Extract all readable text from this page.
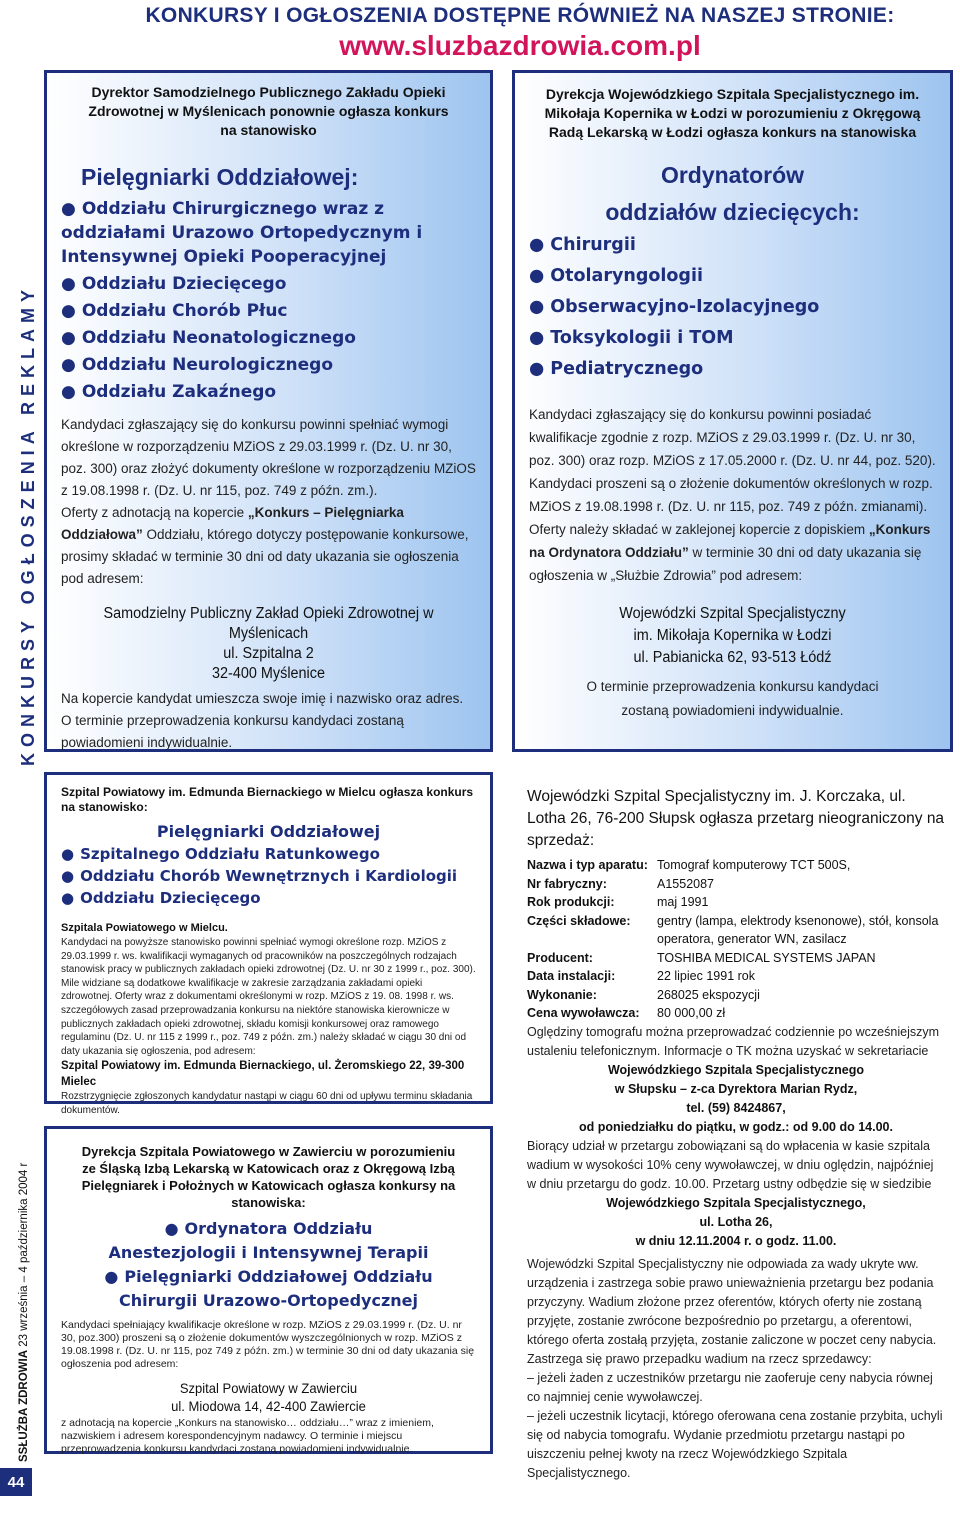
KONKURSY I OGŁOSZENIA DOSTĘPNE RÓWNIEŻ NA NASZEJ STRONIE:
www.sluzbazdrowia.com.pl
KONKURSY OGŁOSZENIA REKLAMY
SSŁUŻBA ZDROWIA 23 września – 4 października 2004 r
44
Dyrektor Samodzielnego Publicznego Zakładu Opieki Zdrowotnej w Myślenicach ponownie ogłasza konkurs na stanowisko
Pielęgniarki Oddziałowej:
● Oddziału Chirurgicznego wraz z oddziałami Urazowo Ortopedycznym i Intensywnej Opieki Pooperacyjnej
● Oddziału Dziecięcego
● Oddziału Chorób Płuc
● Oddziału Neonatologicznego
● Oddziału Neurologicznego
● Oddziału Zakaźnego
Kandydaci zgłaszający się do konkursu powinni spełniać wymogi określone w rozporządzeniu MZiOS z 29.03.1999 r. (Dz. U. nr 30, poz. 300) oraz złożyć dokumenty określone w rozporządzeniu MZiOS z 19.08.1998 r. (Dz. U. nr 115, poz. 749 z późn. zm.).
Oferty z adnotacją na kopercie „Konkurs – Pielęgniarka Oddziałowa” Oddziału, którego dotyczy postępowanie konkursowe, prosimy składać w terminie 30 dni od daty ukazania sie ogłoszenia pod adresem:
Samodzielny Publiczny Zakład Opieki Zdrowotnej w Myślenicach
ul. Szpitalna 2
32-400 Myślenice
Na kopercie kandydat umieszcza swoje imię i nazwisko oraz adres. O terminie przeprowadzenia konkursu kandydaci zostaną powiadomieni indywidualnie.
Dyrekcja Wojewódzkiego Szpitala Specjalistycznego im. Mikołaja Kopernika w Łodzi w porozumieniu z Okręgową Radą Lekarską w Łodzi ogłasza konkurs na stanowiska
Ordynatorów
oddziałów dziecięcych:
● Chirurgii
● Otolaryngologii
● Obserwacyjno-Izolacyjnego
● Toksykologii i TOM
● Pediatrycznego
Kandydaci zgłaszający się do konkursu powinni posiadać kwalifikacje zgodnie z rozp. MZiOS z 29.03.1999 r. (Dz. U. nr 30, poz. 300) oraz rozp. MZiOS z 17.05.2000 r. (Dz. U. nr 44, poz. 520). Kandydaci proszeni są o złożenie dokumentów określonych w rozp. MZiOS z 19.08.1998 r. (Dz. U. nr 115, poz. 749 z późn. zmianami).
Oferty należy składać w zaklejonej kopercie z dopiskiem „Konkurs na Ordynatora Oddziału” w terminie 30 dni od daty ukazania się ogłoszenia w „Służbie Zdrowia” pod adresem:
Wojewódzki Szpital Specjalistyczny
im. Mikołaja Kopernika w Łodzi
ul. Pabianicka 62, 93-513 Łódź
O terminie przeprowadzenia konkursu kandydaci zostaną powiadomieni indywidualnie.
Szpital Powiatowy im. Edmunda Biernackiego w Mielcu ogłasza konkurs na stanowisko:
Pielęgniarki Oddziałowej
● Szpitalnego Oddziału Ratunkowego
● Oddziału Chorób Wewnętrznych i Kardiologii
● Oddziału Dziecięcego
Szpitala Powiatowego w Mielcu.
Kandydaci na powyższe stanowisko powinni spełniać wymogi określone rozp. MZiOS z 29.03.1999 r. ws. kwalifikacji wymaganych od pracowników na poszczególnych rodzajach stanowisk pracy w publicznych zakładach opieki zdrowotnej (Dz. U. nr 30 z 1999 r., poz. 300). Mile widziane są dodatkowe kwalifikacje w zakresie zarządzania zakładami opieki zdrowotnej. Oferty wraz z dokumentami określonymi w rozp. MZiOS z 19. 08. 1998 r. ws. szczegółowych zasad przeprowadzania konkursu na niektóre stanowiska kierownicze w publicznych zakładach opieki zdrowotnej, składu komisji konkursowej oraz ramowego regulaminu (Dz. U. nr 115 z 1999 r., poz. 749 z późn. zm.) należy składać w ciągu 30 dni od daty ukazania się ogłoszenia, pod adresem:
Szpital Powiatowy im. Edmunda Biernackiego, ul. Żeromskiego 22, 39-300 Mielec
Rozstrzygnięcie zgłoszonych kandydatur nastąpi w ciągu 60 dni od upływu terminu składania dokumentów.
Dyrekcja Szpitala Powiatowego w Zawierciu w porozumieniu ze Śląską Izbą Lekarską w Katowicach oraz z Okręgową Izbą Pielęgniarek i Położnych w Katowicach ogłasza konkursy na stanowiska:
● Ordynatora Oddziału
Anestezjologii i Intensywnej Terapii
● Pielęgniarki Oddziałowej Oddziału
Chirurgii Urazowo-Ortopedycznej
Kandydaci spełniający kwalifikacje określone w rozp. MZiOS z 29.03.1999 r. (Dz. U. nr 30, poz.300) proszeni są o złożenie dokumentów wyszczególnionych w rozp. MZiOS z 19.08.1998 r. (Dz. U. nr 115, poz 749 z późn. zm.) w terminie 30 dni od daty ukazania się ogłoszenia pod adresem:
Szpital Powiatowy w Zawierciu
ul. Miodowa 14, 42-400 Zawiercie
z adnotacją na kopercie „Konkurs na stanowisko… oddziału…” wraz z imieniem, nazwiskiem i adresem korespondencyjnym nadawcy. O terminie i miejscu przeprowadzenia konkursu kandydaci zostaną powiadomieni indywidualnie.
Wojewódzki Szpital Specjalistyczny im. J. Korczaka, ul. Lotha 26, 76-200 Słupsk ogłasza przetarg nieograniczony na sprzedaż:
Nazwa i typ aparatu: Tomograf komputerowy TCT 500S,
Nr fabryczny:	A1552087
Rok produkcji:	maj 1991
Części składowe:	gentry (lampa, elektrody ksenonowe), stół, konsola operatora, generator WN, zasilacz
Producent:	TOSHIBA MEDICAL SYSTEMS JAPAN
Data instalacji:	22 lipiec 1991 rok
Wykonanie:	268025 ekspozycji
Cena wywoławcza:	80 000,00 zł
Oględziny tomografu można przeprowadzać codziennie po wcześniejszym ustaleniu telefonicznym. Informacje o TK można uzyskać w sekretariacie
Wojewódzkiego Szpitala Specjalistycznego
w Słupsku – z-ca Dyrektora Marian Rydz,
tel. (59) 8424867,
od poniedziałku do piątku, w godz.: od 9.00 do 14.00.
Biorący udział w przetargu zobowiązani są do wpłacenia w kasie szpitala wadium w wysokości 10% ceny wywoławczej, w dniu oględzin, najpóźniej w dniu przetargu do godz. 10.00. Przetarg ustny odbędzie się w siedzibie
Wojewódzkiego Szpitala Specjalistycznego,
ul. Lotha 26,
w dniu 12.11.2004 r. o godz. 11.00.
Wojewódzki Szpital Specjalistyczny nie odpowiada za wady ukryte ww. urządzenia i zastrzega sobie prawo unieważnienia przetargu bez podania przyczyny. Wadium złożone przez oferentów, których oferty nie zostaną przyjęte, zostanie zwrócone bezpośrednio po przetargu, a oferentowi, którego oferta zostałą przyjęta, zostanie zaliczone w poczet ceny nabycia. Zastrzega się prawo przepadku wadium na rzecz sprzedawcy:
– jeżeli żaden z uczestników przetargu nie zaoferuje ceny nabycia równej co najmniej cenie wywoławczej.
– jeżeli uczestnik licytacji, którego oferowana cena zostanie przybita, uchyli się od nabycia tomografu. Wydanie przedmiotu przetargu nastąpi po uiszczeniu pełnej kwoty na rzecz Wojewódzkiego Szpitala Specjalistycznego.
